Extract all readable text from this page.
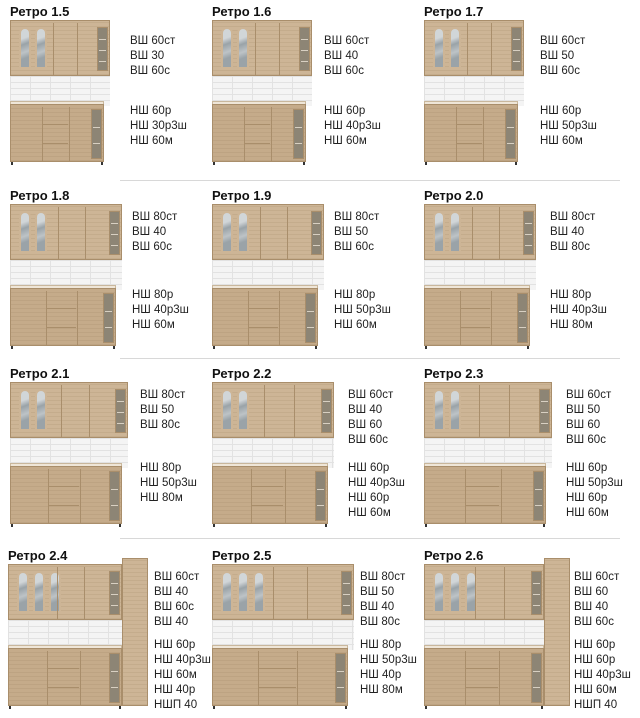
Ретро 1.5
ВШ 60ст
ВШ 30
ВШ 60с
НШ 60р
НШ 30р3ш
НШ 60м
Ретро 1.6
ВШ 60ст
ВШ 40
ВШ 60с
НШ 60р
НШ 40р3ш
НШ 60м
Ретро 1.7
ВШ 60ст
ВШ 50
ВШ 60с
НШ 60р
НШ 50р3ш
НШ 60м
Ретро 1.8
ВШ 80ст
ВШ 40
ВШ 60с
НШ 80р
НШ 40р3ш
НШ 60м
Ретро 1.9
ВШ 80ст
ВШ 50
ВШ 60с
НШ 80р
НШ 50р3ш
НШ 60м
Ретро 2.0
ВШ 80ст
ВШ 40
ВШ 80с
НШ 80р
НШ 40р3ш
НШ 80м
Ретро 2.1
ВШ 80ст
ВШ 50
ВШ 80с
НШ 80р
НШ 50р3ш
НШ 80м
Ретро 2.2
ВШ 60ст
ВШ 40
ВШ 60
ВШ 60с
НШ 60р
НШ 40р3ш
НШ 60р
НШ 60м
Ретро 2.3
ВШ 60ст
ВШ 50
ВШ 60
ВШ 60с
НШ 60р
НШ 50р3ш
НШ 60р
НШ 60м
Ретро 2.4
ВШ 60ст
ВШ 40
ВШ 60с
ВШ 40
НШ 60р
НШ 40р3ш
НШ 60м
НШ 40р
НШП 40
Ретро 2.5
ВШ 80ст
ВШ 50
ВШ 40
ВШ 80с
НШ 80р
НШ 50р3ш
НШ 40р
НШ 80м
Ретро 2.6
ВШ 60ст
ВШ 60
ВШ 40
ВШ 60с
НШ 60р
НШ 60р
НШ 40р3ш
НШ 60м
НШП 40
